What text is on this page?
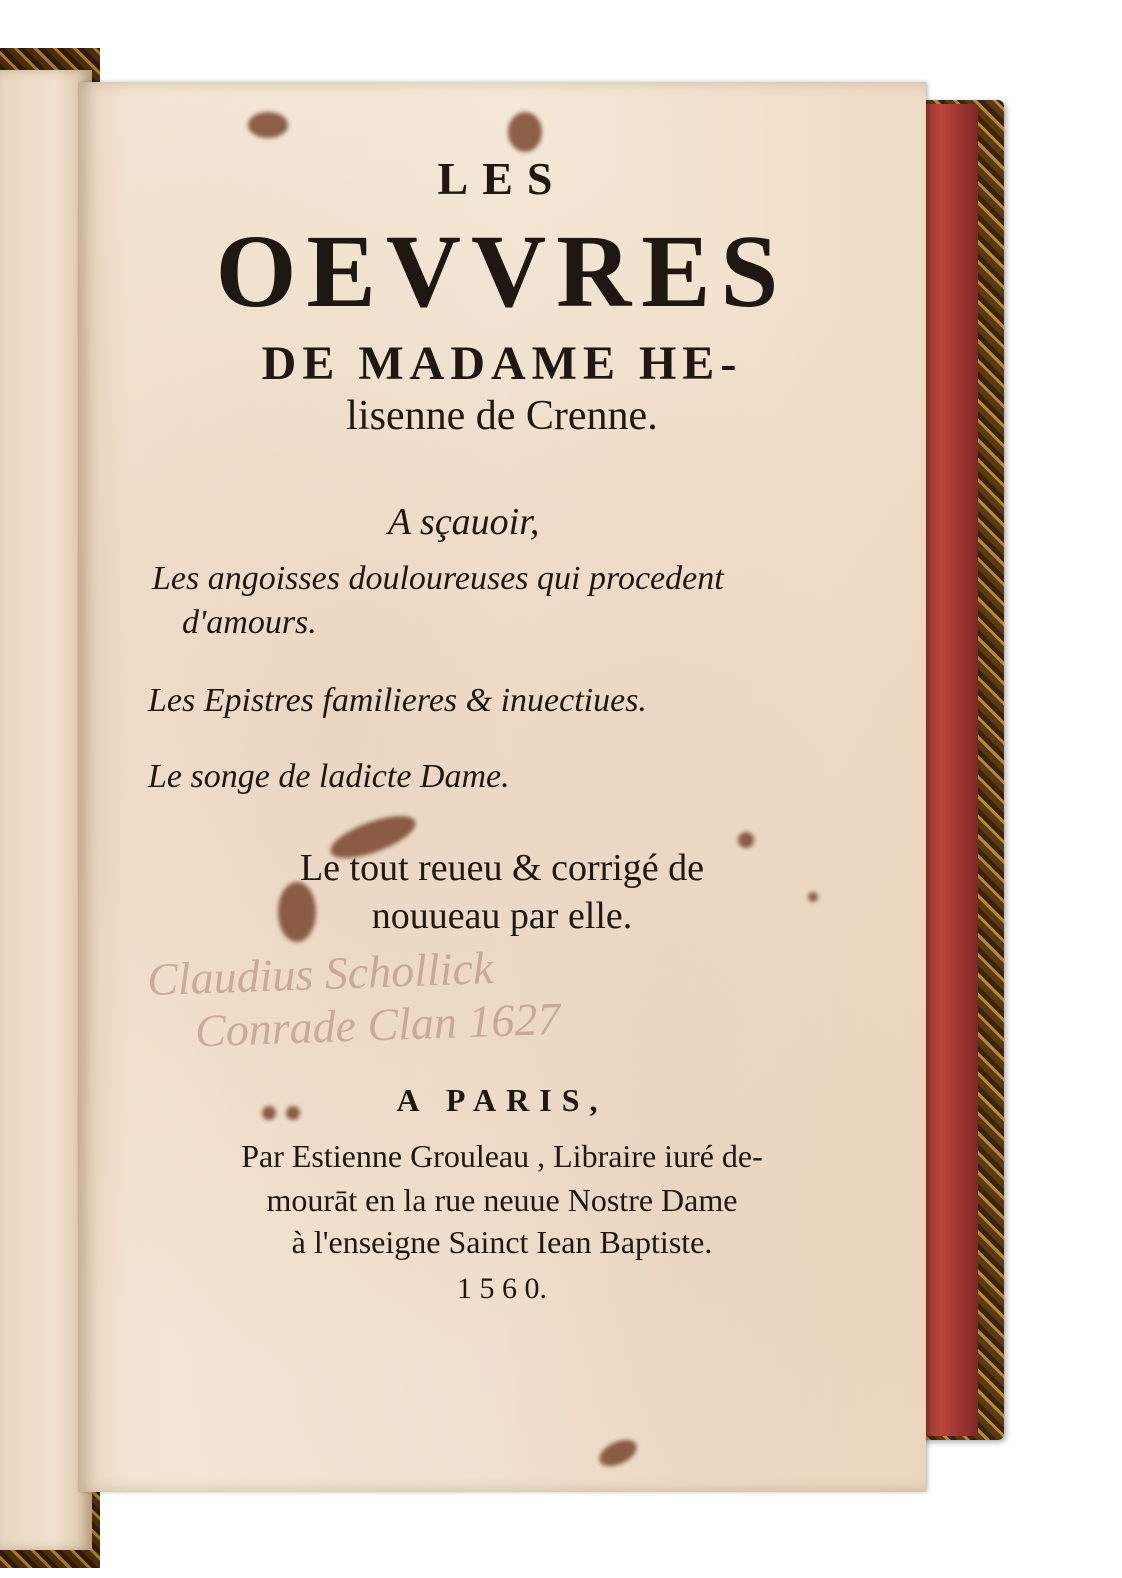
Claudius Schollick
Conrade Clan 1627
LES
OEVVRES
DE MADAME HE-
lisenne de Crenne.
A sçauoir,
Les angoisses douloureuses qui procedent
d'amours.
Les Epistres familieres & inuectiues.
Le songe de ladicte Dame.
Le tout reueu & corrigé de
nouueau par elle.
A PARIS,
Par Estienne Grouleau , Libraire iuré de-
mourāt en la rue neuue Nostre Dame
à l'enseigne Sainct Iean Baptiste.
1 5 6 0.
